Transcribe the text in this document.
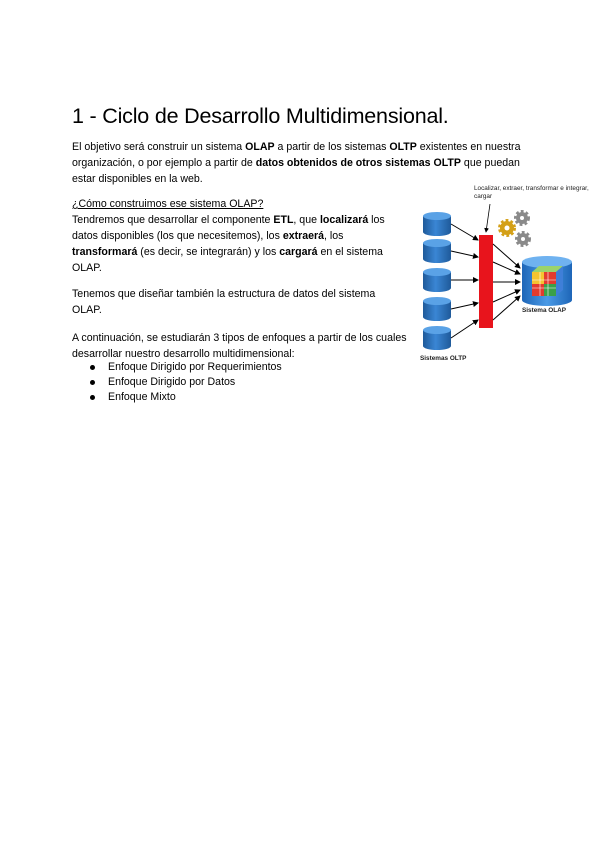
1 - Ciclo de Desarrollo Multidimensional.

El objetivo será construir un sistema OLAP a partir de los sistemas OLTP existentes en nuestra organización, o por ejemplo a partir de datos obtenidos de otros sistemas OLTP que puedan estar disponibles en la web.

¿Cómo construimos ese sistema OLAP?
Tendremos que desarrollar el componente ETL, que localizará los datos disponibles (los que necesitemos), los extraerá, los transformará (es decir, se integrarán) y los cargará en el sistema OLAP.

Tenemos que diseñar también la estructura de datos del sistema OLAP.

A continuación, se estudiarán 3 tipos de enfoques a partir de los cuales desarrollar nuestro desarrollo multidimensional:

Enfoque Dirigido por Requerimientos
Enfoque Dirigido por Datos
Enfoque Mixto
Localizar, extraer, transformar e integrar, cargar
Sistemas OLTP
Sistema OLAP
